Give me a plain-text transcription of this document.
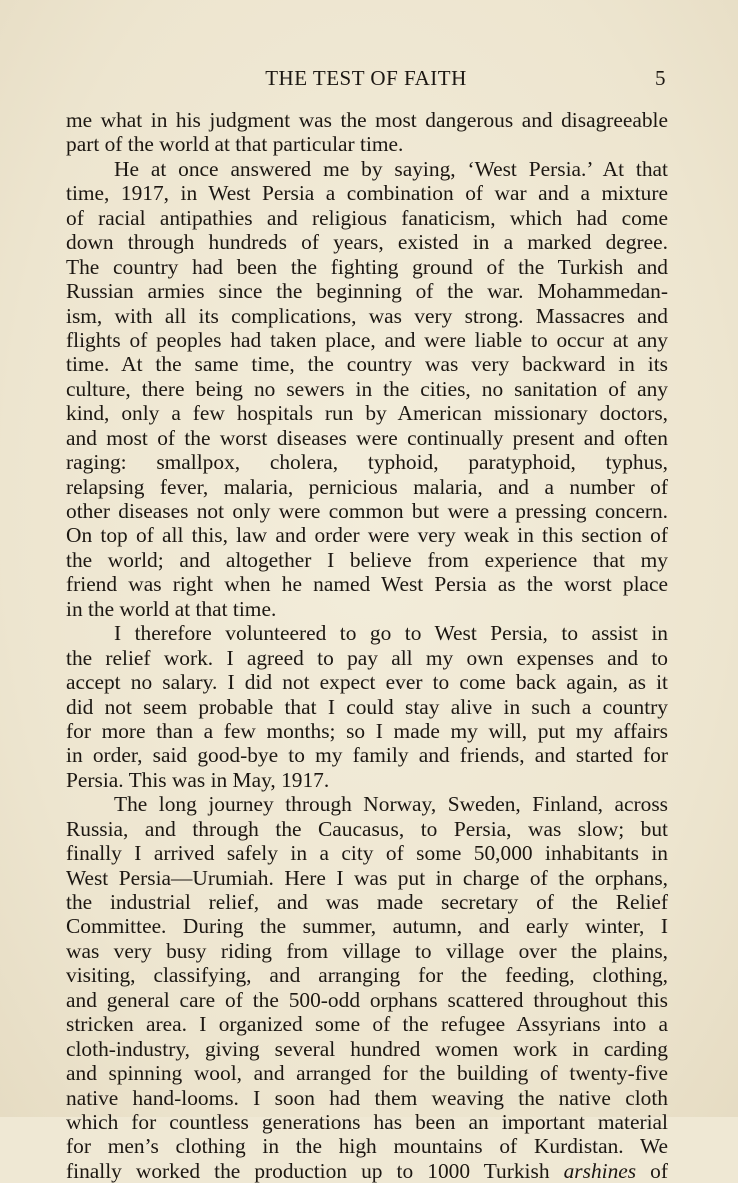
THE TEST OF FAITH	5
me what in his judgment was the most dangerous and disagreeable
part of the world at that particular time.
He at once answered me by saying, ‘West Persia.’ At that
time, 1917, in West Persia a combination of war and a mixture
of racial antipathies and religious fanaticism, which had come
down through hundreds of years, existed in a marked degree.
The country had been the fighting ground of the Turkish and
Russian armies since the beginning of the war. Mohammedan-
ism, with all its complications, was very strong. Massacres and
flights of peoples had taken place, and were liable to occur at any
time. At the same time, the country was very backward in its
culture, there being no sewers in the cities, no sanitation of any
kind, only a few hospitals run by American missionary doctors,
and most of the worst diseases were continually present and often
raging: smallpox, cholera, typhoid, paratyphoid, typhus,
relapsing fever, malaria, pernicious malaria, and a number of
other diseases not only were common but were a pressing concern.
On top of all this, law and order were very weak in this section of
the world; and altogether I believe from experience that my
friend was right when he named West Persia as the worst place
in the world at that time.
I therefore volunteered to go to West Persia, to assist in
the relief work. I agreed to pay all my own expenses and to
accept no salary. I did not expect ever to come back again, as it
did not seem probable that I could stay alive in such a country
for more than a few months; so I made my will, put my affairs
in order, said good-bye to my family and friends, and started for
Persia. This was in May, 1917.
The long journey through Norway, Sweden, Finland, across
Russia, and through the Caucasus, to Persia, was slow; but
finally I arrived safely in a city of some 50,000 inhabitants in
West Persia—Urumiah. Here I was put in charge of the orphans,
the industrial relief, and was made secretary of the Relief
Committee. During the summer, autumn, and early winter, I
was very busy riding from village to village over the plains,
visiting, classifying, and arranging for the feeding, clothing,
and general care of the 500-odd orphans scattered throughout this
stricken area. I organized some of the refugee Assyrians into a
cloth-industry, giving several hundred women work in carding
and spinning wool, and arranged for the building of twenty-five
native hand-looms. I soon had them weaving the native cloth
which for countless generations has been an important material
for men’s clothing in the high mountains of Kurdistan. We
finally worked the production up to 1000 Turkish arshines of
